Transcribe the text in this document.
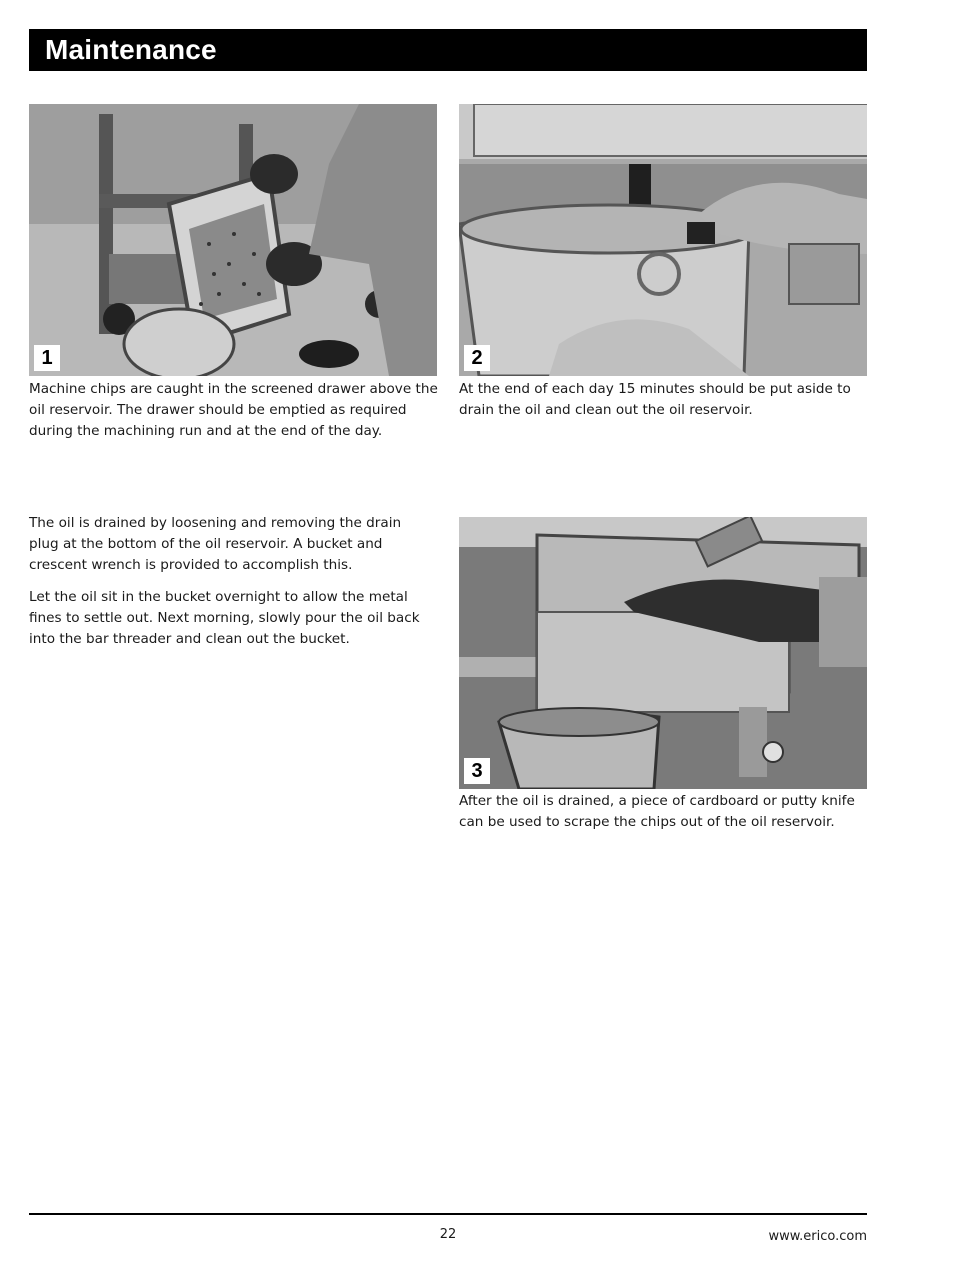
Maintenance
1

Machine chips are caught in the screened drawer above the oil reservoir. The drawer should be emptied as required during the machining run and at the end of the day.

2

At the end of each day 15 minutes should be put aside to drain the oil and clean out the oil reservoir.

The oil is drained by loosening and removing the drain plug at the bottom of the oil reservoir. A bucket and crescent wrench is provided to accomplish this.

Let the oil sit in the bucket overnight to allow the metal fines to settle out. Next morning, slowly pour the oil back into the bar threader and clean out the bucket.

3

After the oil is drained, a piece of cardboard or putty knife can be used to scrape the chips out of the oil reservoir.

22	www.erico.com
